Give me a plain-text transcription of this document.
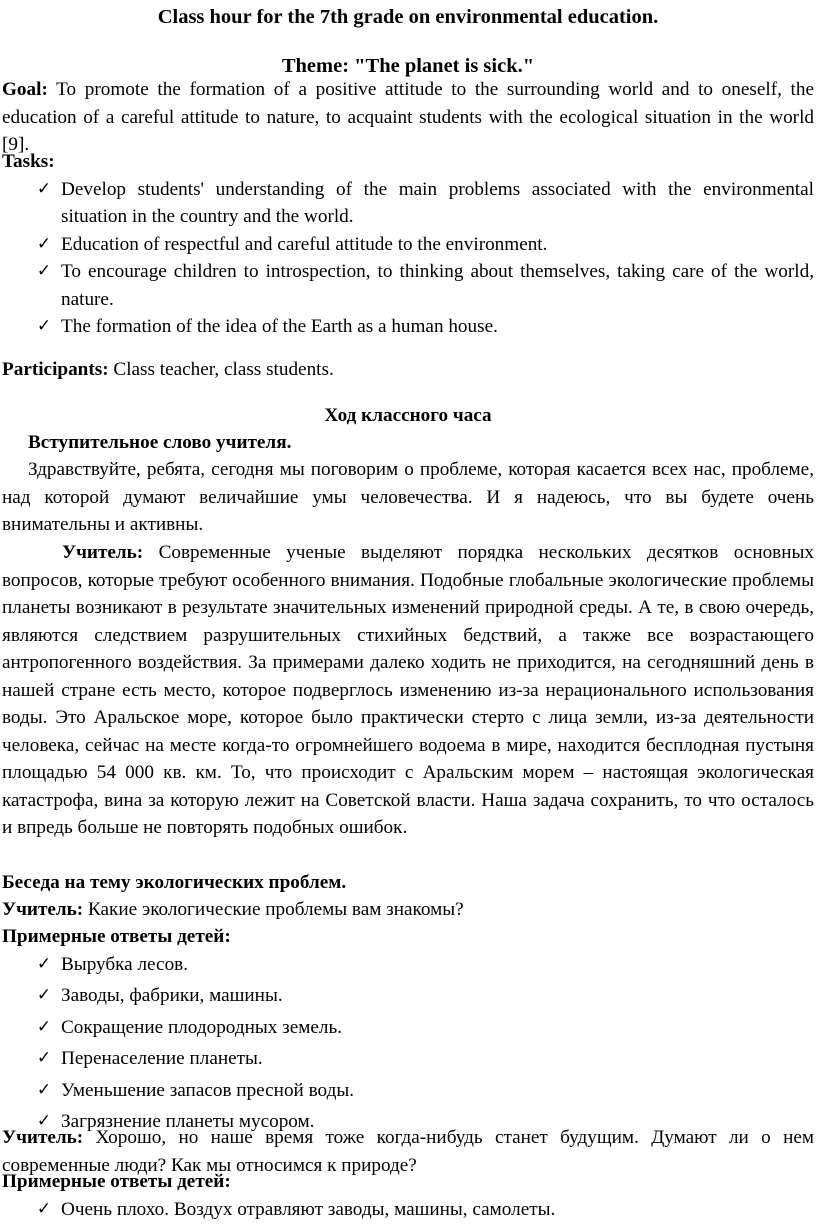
Class hour for the 7th grade on environmental education.
Theme: "The planet is sick."

Goal: To promote the formation of a positive attitude to the surrounding world and to oneself, the education of a careful attitude to nature, to acquaint students with the ecological situation in the world [9].

Tasks:

✓ Develop students' understanding of the main problems associated with the environmental situation in the country and the world.
✓ Education of respectful and careful attitude to the environment.
✓ To encourage children to introspection, to thinking about themselves, taking care of the world, nature.
✓ The formation of the idea of the Earth as a human house.

Participants: Class teacher, class students.

Ход классного часа
Вступительное слово учителя.

Здравствуйте, ребята, сегодня мы поговорим о проблеме, которая касается всех нас, проблеме, над которой думают величайшие умы человечества. И я надеюсь, что вы будете очень внимательны и активны.

Учитель: Современные ученые выделяют порядка нескольких десятков основных вопросов, которые требуют особенного внимания. Подобные глобальные экологические проблемы планеты возникают в результате значительных изменений природной среды. А те, в свою очередь, являются следствием разрушительных стихийных бедствий, а также все возрастающего антропогенного воздействия. За примерами далеко ходить не приходится, на сегодняшний день в нашей стране есть место, которое подверглось изменению из-за нерационального использования воды. Это Аральское море, которое было практически стерто с лица земли, из-за деятельности человека, сейчас на месте когда-то огромнейшего водоема в мире, находится бесплодная пустыня площадью 54 000 кв. км. То, что происходит с Аральским морем – настоящая экологическая катастрофа, вина за которую лежит на Советской власти. Наша задача сохранить, то что осталось и впредь больше не повторять подобных ошибок.

Беседа на тему экологических проблем.

Учитель: Какие экологические проблемы вам знакомы?

Примерные ответы детей:

✓ Вырубка лесов.
✓ Заводы, фабрики, машины.
✓ Сокращение плодородных земель.
✓ Перенаселение планеты.
✓ Уменьшение запасов пресной воды.
✓ Загрязнение планеты мусором.

Учитель: Хорошо, но наше время тоже когда-нибудь станет будущим. Думают ли о нем современные люди? Как мы относимся к природе?

Примерные ответы детей:

✓ Очень плохо. Воздух отравляют заводы, машины, самолеты.
